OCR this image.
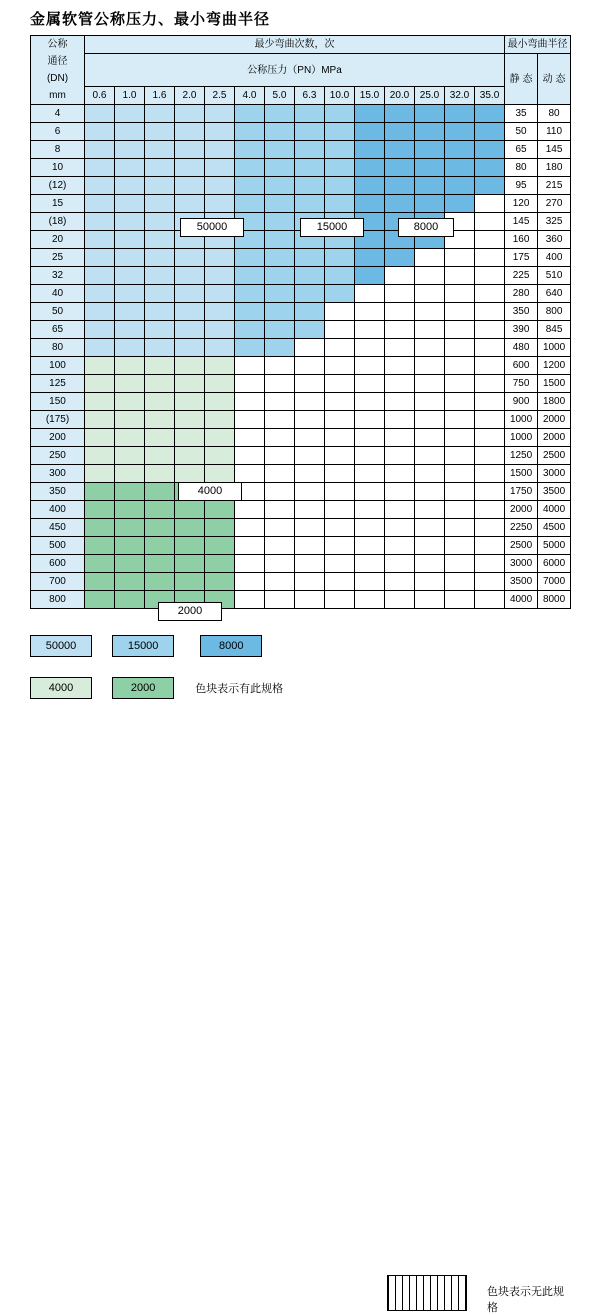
金属软管公称压力、最小弯曲半径
公称
通径
(DN)
mm	最少弯曲次数，次														最小弯曲半径	
	公称压力（PN）MPa														静 态	动 态
	0.6	1.0	1.6	2.0	2.5	4.0	5.0	6.3	10.0	15.0	20.0	25.0	32.0	35.0		
4															35	80
6															50	110
8															65	145
10															80	180
(12)															95	215
15															120	270
(18)															145	325
20															160	360
25															175	400
32															225	510
40															280	640
50															350	800
65															390	845
80															480	1000
100															600	1200
125															750	1500
150															900	1800
(175)															1000	2000
200															1000	2000
250															1250	2500
300															1500	3000
350															1750	3500
400															2000	4000
450															2250	4500
500															2500	5000
600															3000	6000
700															3500	7000
800															4000	8000
50000	15000	8000
4000
2000
50000	15000	8000
色块表示无此规格
4000	2000	色块表示有此规格
